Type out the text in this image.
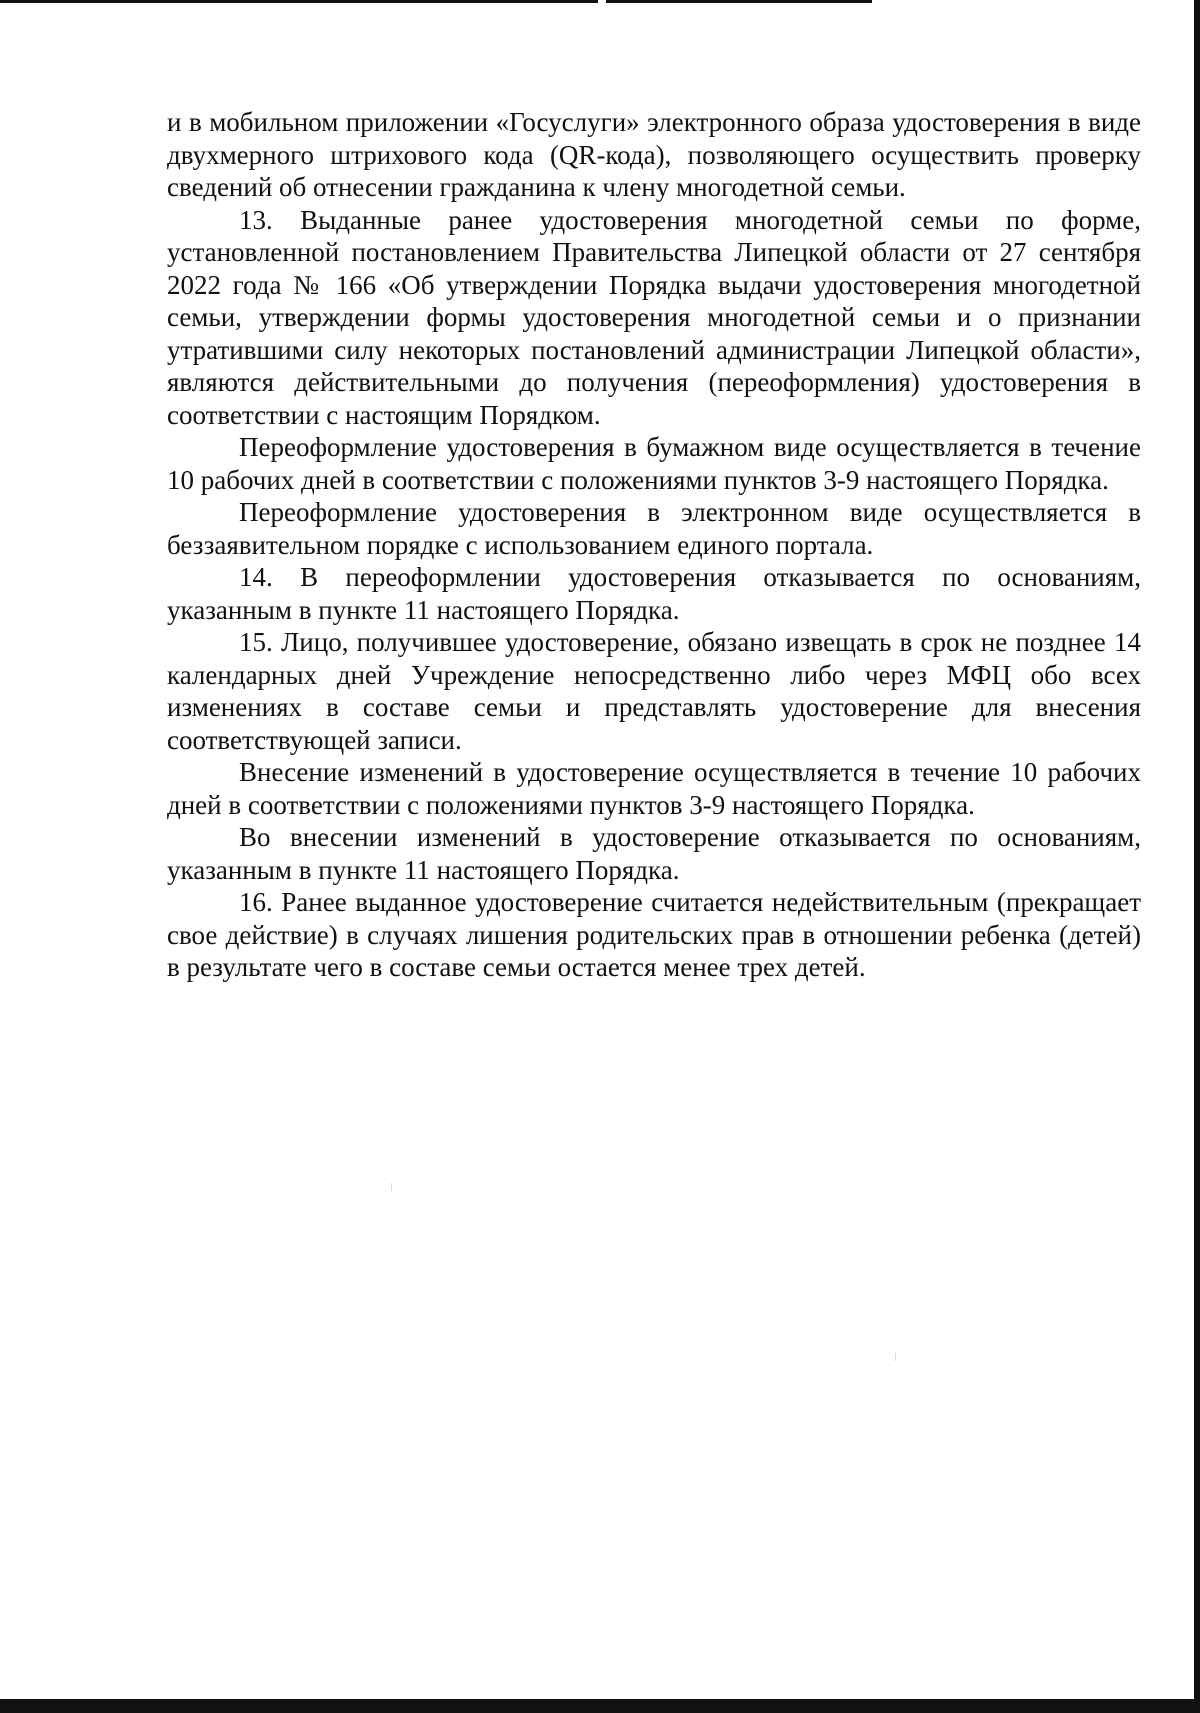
и в мобильном приложении «Госуслуги» электронного образа удостоверения в виде двухмерного штрихового кода (QR-кода), позволяющего осуществить проверку сведений об отнесении гражданина к члену многодетной семьи.

13. Выданные ранее удостоверения многодетной семьи по форме, установленной постановлением Правительства Липецкой области от 27 сентября 2022 года № 166 «Об утверждении Порядка выдачи удостоверения многодетной семьи, утверждении формы удостоверения многодетной семьи и о признании утратившими силу некоторых постановлений администрации Липецкой области», являются действительными до получения (переоформления) удостоверения в соответствии с настоящим Порядком.

Переоформление удостоверения в бумажном виде осуществляется в течение 10 рабочих дней в соответствии с положениями пунктов 3-9 настоящего Порядка.

Переоформление удостоверения в электронном виде осуществляется в беззаявительном порядке с использованием единого портала.

14. В переоформлении удостоверения отказывается по основаниям, указанным в пункте 11 настоящего Порядка.

15. Лицо, получившее удостоверение, обязано извещать в срок не позднее 14 календарных дней Учреждение непосредственно либо через МФЦ обо всех изменениях в составе семьи и представлять удостоверение для внесения соответствующей записи.

Внесение изменений в удостоверение осуществляется в течение 10 рабочих дней в соответствии с положениями пунктов 3-9 настоящего Порядка.

Во внесении изменений в удостоверение отказывается по основаниям, указанным в пункте 11 настоящего Порядка.

16. Ранее выданное удостоверение считается недействительным (прекращает свое действие) в случаях лишения родительских прав в отношении ребенка (детей) в результате чего в составе семьи остается менее трех детей.
